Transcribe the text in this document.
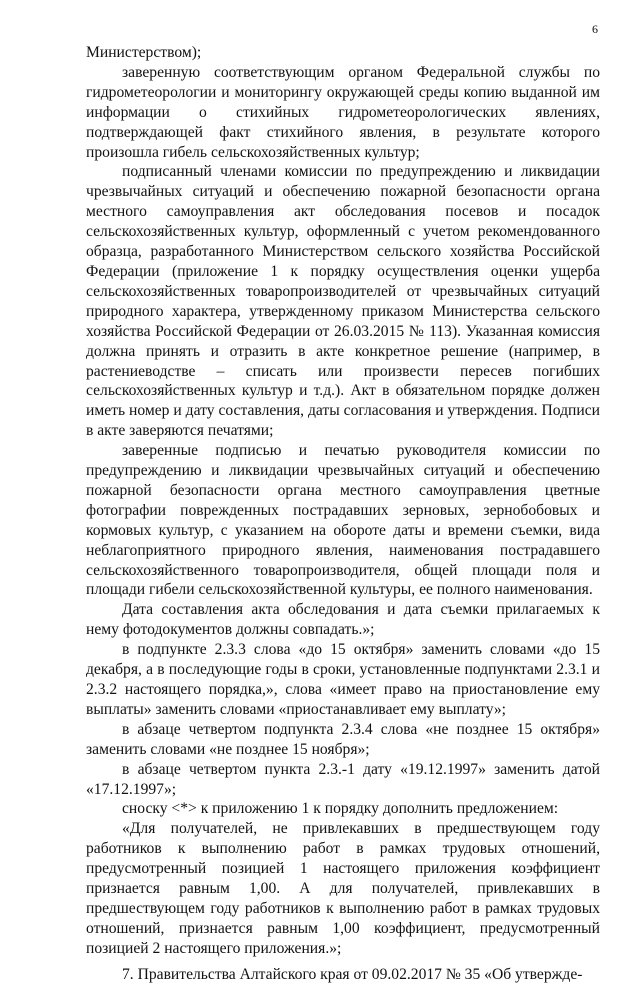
6

Министерством);

заверенную соответствующим органом Федеральной службы по гидрометеорологии и мониторингу окружающей среды копию выданной им информации о стихийных гидрометеорологических явлениях, подтверждающей факт стихийного явления, в результате которого произошла гибель сельскохозяйственных культур;

подписанный членами комиссии по предупреждению и ликвидации чрезвычайных ситуаций и обеспечению пожарной безопасности органа местного самоуправления акт обследования посевов и посадок сельскохозяйственных культур, оформленный с учетом рекомендованного образца, разработанного Министерством сельского хозяйства Российской Федерации (приложение 1 к порядку осуществления оценки ущерба сельскохозяйственных товаропроизводителей от чрезвычайных ситуаций природного характера, утвержденному приказом Министерства сельского хозяйства Российской Федерации от 26.03.2015 № 113). Указанная комиссия должна принять и отразить в акте конкретное решение (например, в растениеводстве – списать или произвести пересев погибших сельскохозяйственных культур и т.д.). Акт в обязательном порядке должен иметь номер и дату составления, даты согласования и утверждения. Подписи в акте заверяются печатями;

заверенные подписью и печатью руководителя комиссии по предупреждению и ликвидации чрезвычайных ситуаций и обеспечению пожарной безопасности органа местного самоуправления цветные фотографии поврежденных пострадавших зерновых, зернобобовых и кормовых культур, с указанием на обороте даты и времени съемки, вида неблагоприятного природного явления, наименования пострадавшего сельскохозяйственного товаропроизводителя, общей площади поля и площади гибели сельскохозяйственной культуры, ее полного наименования.

Дата составления акта обследования и дата съемки прилагаемых к нему фотодокументов должны совпадать.»;

в подпункте 2.3.3 слова «до 15 октября» заменить словами «до 15 декабря, а в последующие годы в сроки, установленные подпунктами 2.3.1 и 2.3.2 настоящего порядка,», слова «имеет право на приостановление ему выплаты» заменить словами «приостанавливает ему выплату»;

в абзаце четвертом подпункта 2.3.4 слова «не позднее 15 октября» заменить словами «не позднее 15 ноября»;

в абзаце четвертом пункта 2.3.-1 дату «19.12.1997» заменить датой «17.12.1997»;

сноску <*> к приложению 1 к порядку дополнить предложением:

«Для получателей, не привлекавших в предшествующем году работников к выполнению работ в рамках трудовых отношений, предусмотренный позицией 1 настоящего приложения коэффициент признается равным 1,00. А для получателей, привлекавших в предшествующем году работников к выполнению работ в рамках трудовых отношений, признается равным 1,00 коэффициент, предусмотренный позицией 2 настоящего приложения.»;

7. Правительства Алтайского края от 09.02.2017 № 35 «Об утвержде-
